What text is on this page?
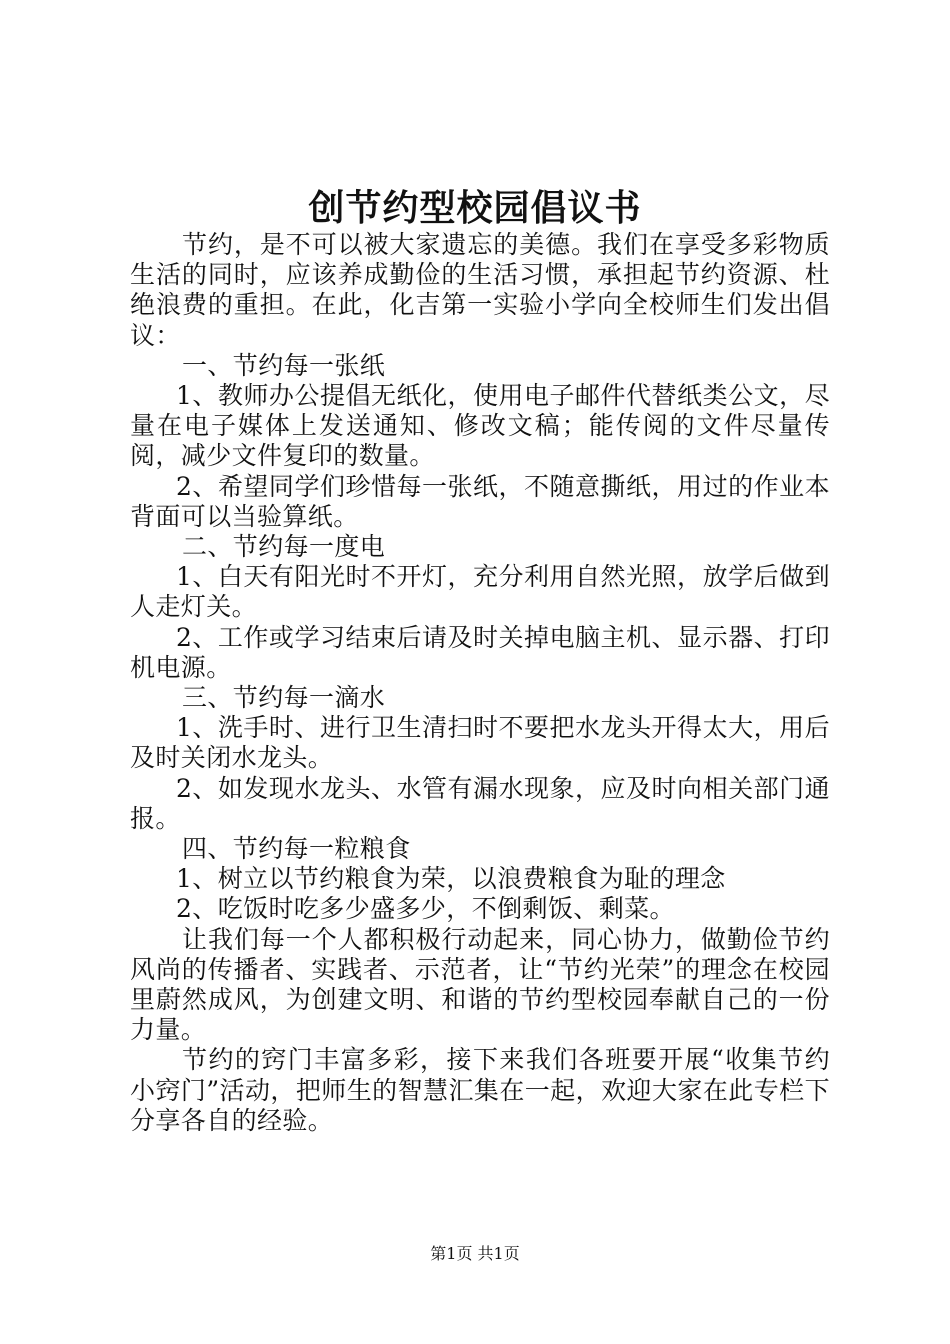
创节约型校园倡议书

节约，是不可以被大家遗忘的美德。我们在享受多彩物质生活的同时，应该养成勤俭的生活习惯，承担起节约资源、杜绝浪费的重担。在此，化吉第一实验小学向全校师生们发出倡议：

一、节约每一张纸

1、教师办公提倡无纸化，使用电子邮件代替纸类公文，尽量在电子媒体上发送通知、修改文稿；能传阅的文件尽量传阅，减少文件复印的数量。

2、希望同学们珍惜每一张纸，不随意撕纸，用过的作业本背面可以当验算纸。

二、节约每一度电

1、白天有阳光时不开灯，充分利用自然光照，放学后做到人走灯关。

2、工作或学习结束后请及时关掉电脑主机、显示器、打印机电源。

三、节约每一滴水

1、洗手时、进行卫生清扫时不要把水龙头开得太大，用后及时关闭水龙头。

2、如发现水龙头、水管有漏水现象，应及时向相关部门通报。

四、节约每一粒粮食

1、树立以节约粮食为荣，以浪费粮食为耻的理念

2、吃饭时吃多少盛多少，不倒剩饭、剩菜。

让我们每一个人都积极行动起来，同心协力，做勤俭节约风尚的传播者、实践者、示范者，让“节约光荣”的理念在校园里蔚然成风，为创建文明、和谐的节约型校园奉献自己的一份力量。

节约的窍门丰富多彩，接下来我们各班要开展“收集节约小窍门”活动，把师生的智慧汇集在一起，欢迎大家在此专栏下分享各自的经验。

第1页 共1页
